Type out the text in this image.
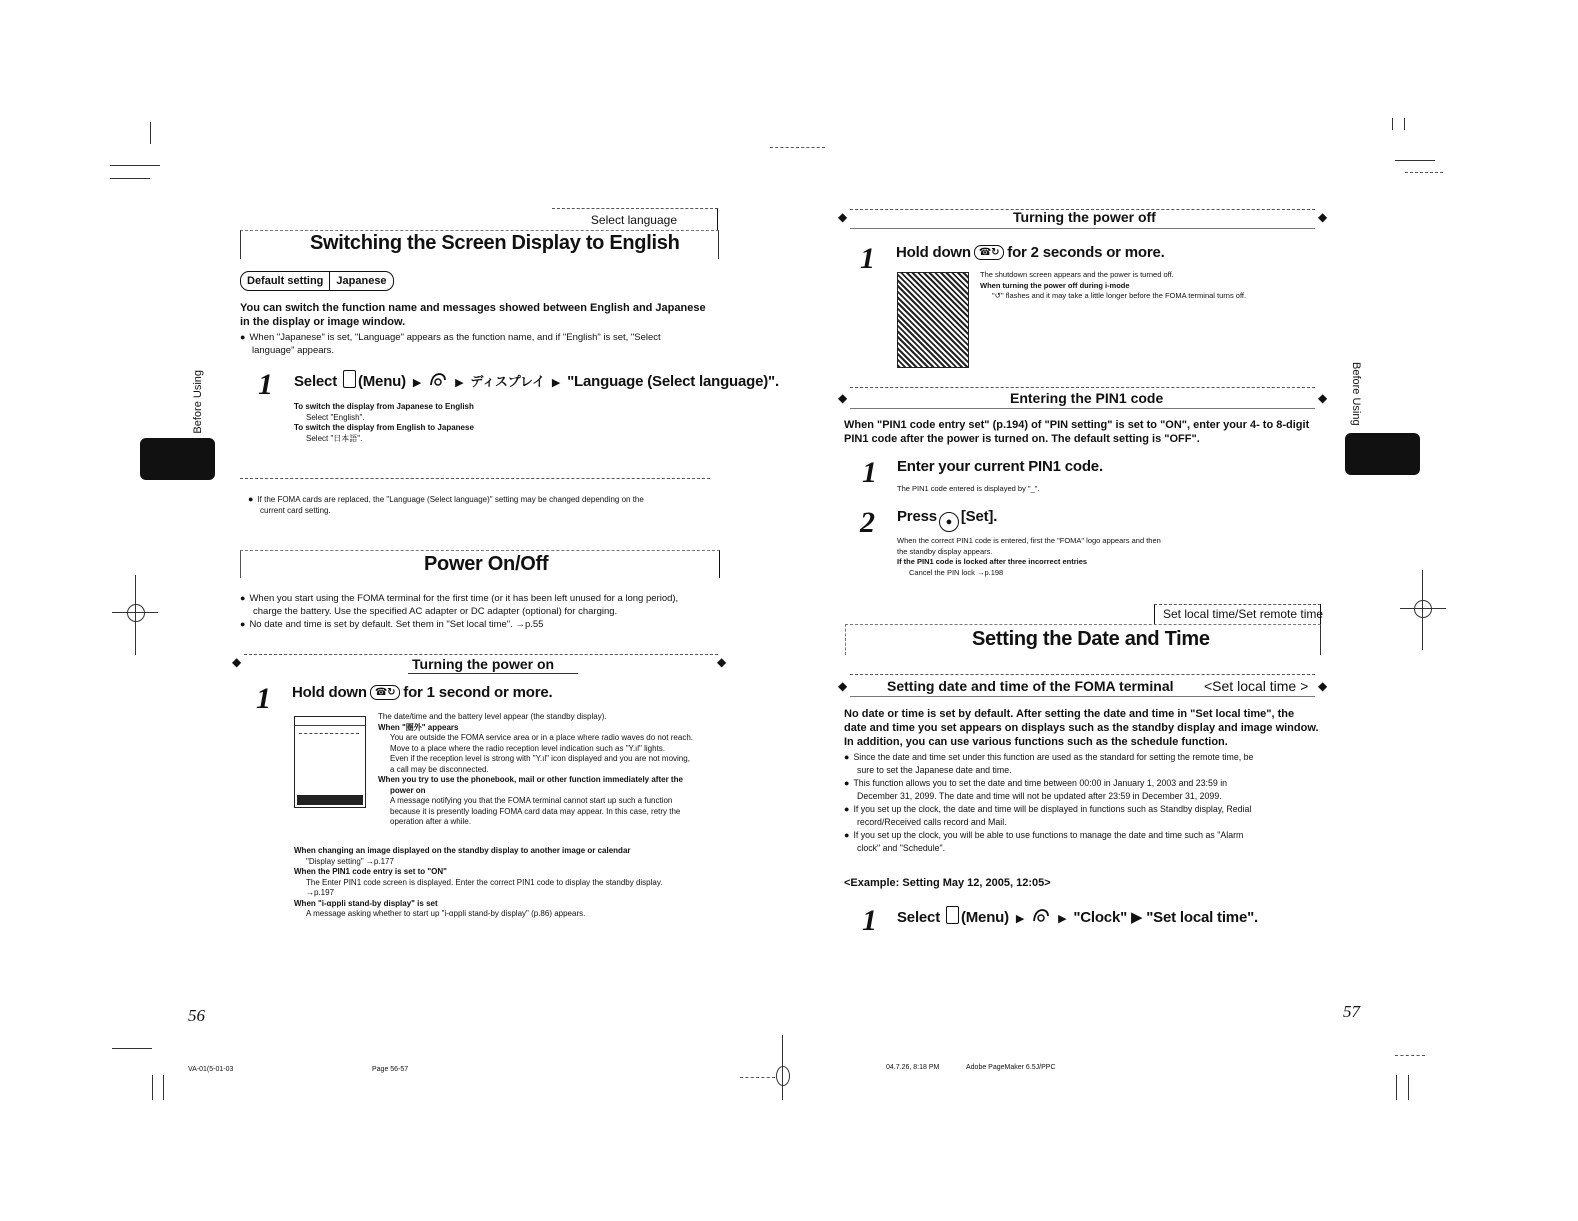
Before Using
Select language
Switching the Screen Display to English
Default setting Japanese
You can switch the function name and messages showed between English and Japanese
in the display or image window.
● When "Japanese" is set, "Language" appears as the function name, and if "English" is set, "Select
language" appears.
1 Select (Menu) ▶	▶ ディスプレイ ▶ "Language (Select language)".
To switch the display from Japanese to English
Select "English".
To switch the display from English to Japanese
Select "日本語".
● If the FOMA cards are replaced, the "Language (Select language)" setting may be changed depending on the
current card setting.
Power On/Off
● When you start using the FOMA terminal for the first time (or it has been left unused for a long period),
charge the battery. Use the specified AC adapter or DC adapter (optional) for charging.
● No date and time is set by default. Set them in "Set local time". →p.55
◆	◆
Turning the power on
1 Hold down ☎↻ for 1 second or more.
The date/time and the battery level appear (the standby display).
When "圏外" appears
You are outside the FOMA service area or in a place where radio waves do not reach.
Move to a place where the radio reception level indication such as "Y.ıl" lights.
Even if the reception level is strong with "Y.ıl" icon displayed and you are not moving,
a call may be disconnected.
When you try to use the phonebook, mail or other function immediately after the
power on
A message notifying you that the FOMA terminal cannot start up such a function
because it is presently loading FOMA card data may appear. In this case, retry the
operation after a while.
When changing an image displayed on the standby display to another image or calendar
"Display setting" →p.177
When the PIN1 code entry is set to "ON"
The Enter PIN1 code screen is displayed. Enter the correct PIN1 code to display the standby display.
→p.197
When "i-αppli stand-by display" is set
A message asking whether to start up "i-αppli stand-by display" (p.86) appears.
56
VA-01(5-01-03	Page 56-57
Before Using
◆	◆
Turning the power off
1 Hold down ☎↻ for 2 seconds or more.
The shutdown screen appears and the power is turned off.
When turning the power off during i-mode
"↺" flashes and it may take a little longer before the FOMA terminal turns off.
◆	◆
Entering the PIN1 code
When "PIN1 code entry set" (p.194) of "PIN setting" is set to "ON", enter your 4- to 8-digit
PIN1 code after the power is turned on. The default setting is "OFF".
1 Enter your current PIN1 code.
The PIN1 code entered is displayed by "_".
2 Press ● [Set].
When the correct PIN1 code is entered, first the "FOMA" logo appears and then
the standby display appears.
If the PIN1 code is locked after three incorrect entries
Cancel the PIN lock →p.198
Set local time/Set remote time
Setting the Date and Time
◆	◆
Setting date and time of the FOMA terminal <Set local time >
No date or time is set by default. After setting the date and time in "Set local time", the
date and time you set appears on displays such as the standby display and image window.
In addition, you can use various functions such as the schedule function.
● Since the date and time set under this function are used as the standard for setting the remote time, be
sure to set the Japanese date and time.
● This function allows you to set the date and time between 00:00 in January 1, 2003 and 23:59 in
December 31, 2099. The date and time will not be updated after 23:59 in December 31, 2099.
● If you set up the clock, the date and time will be displayed in functions such as Standby display, Redial
record/Received calls record and Mail.
● If you set up the clock, you will be able to use functions to manage the date and time such as "Alarm
clock" and "Schedule".
<Example: Setting May 12, 2005, 12:05>
1 Select (Menu) ▶	▶ "Clock" ▶ "Set local time".
57
04.7.26, 8:18 PM	Adobe PageMaker 6.5J/PPC
